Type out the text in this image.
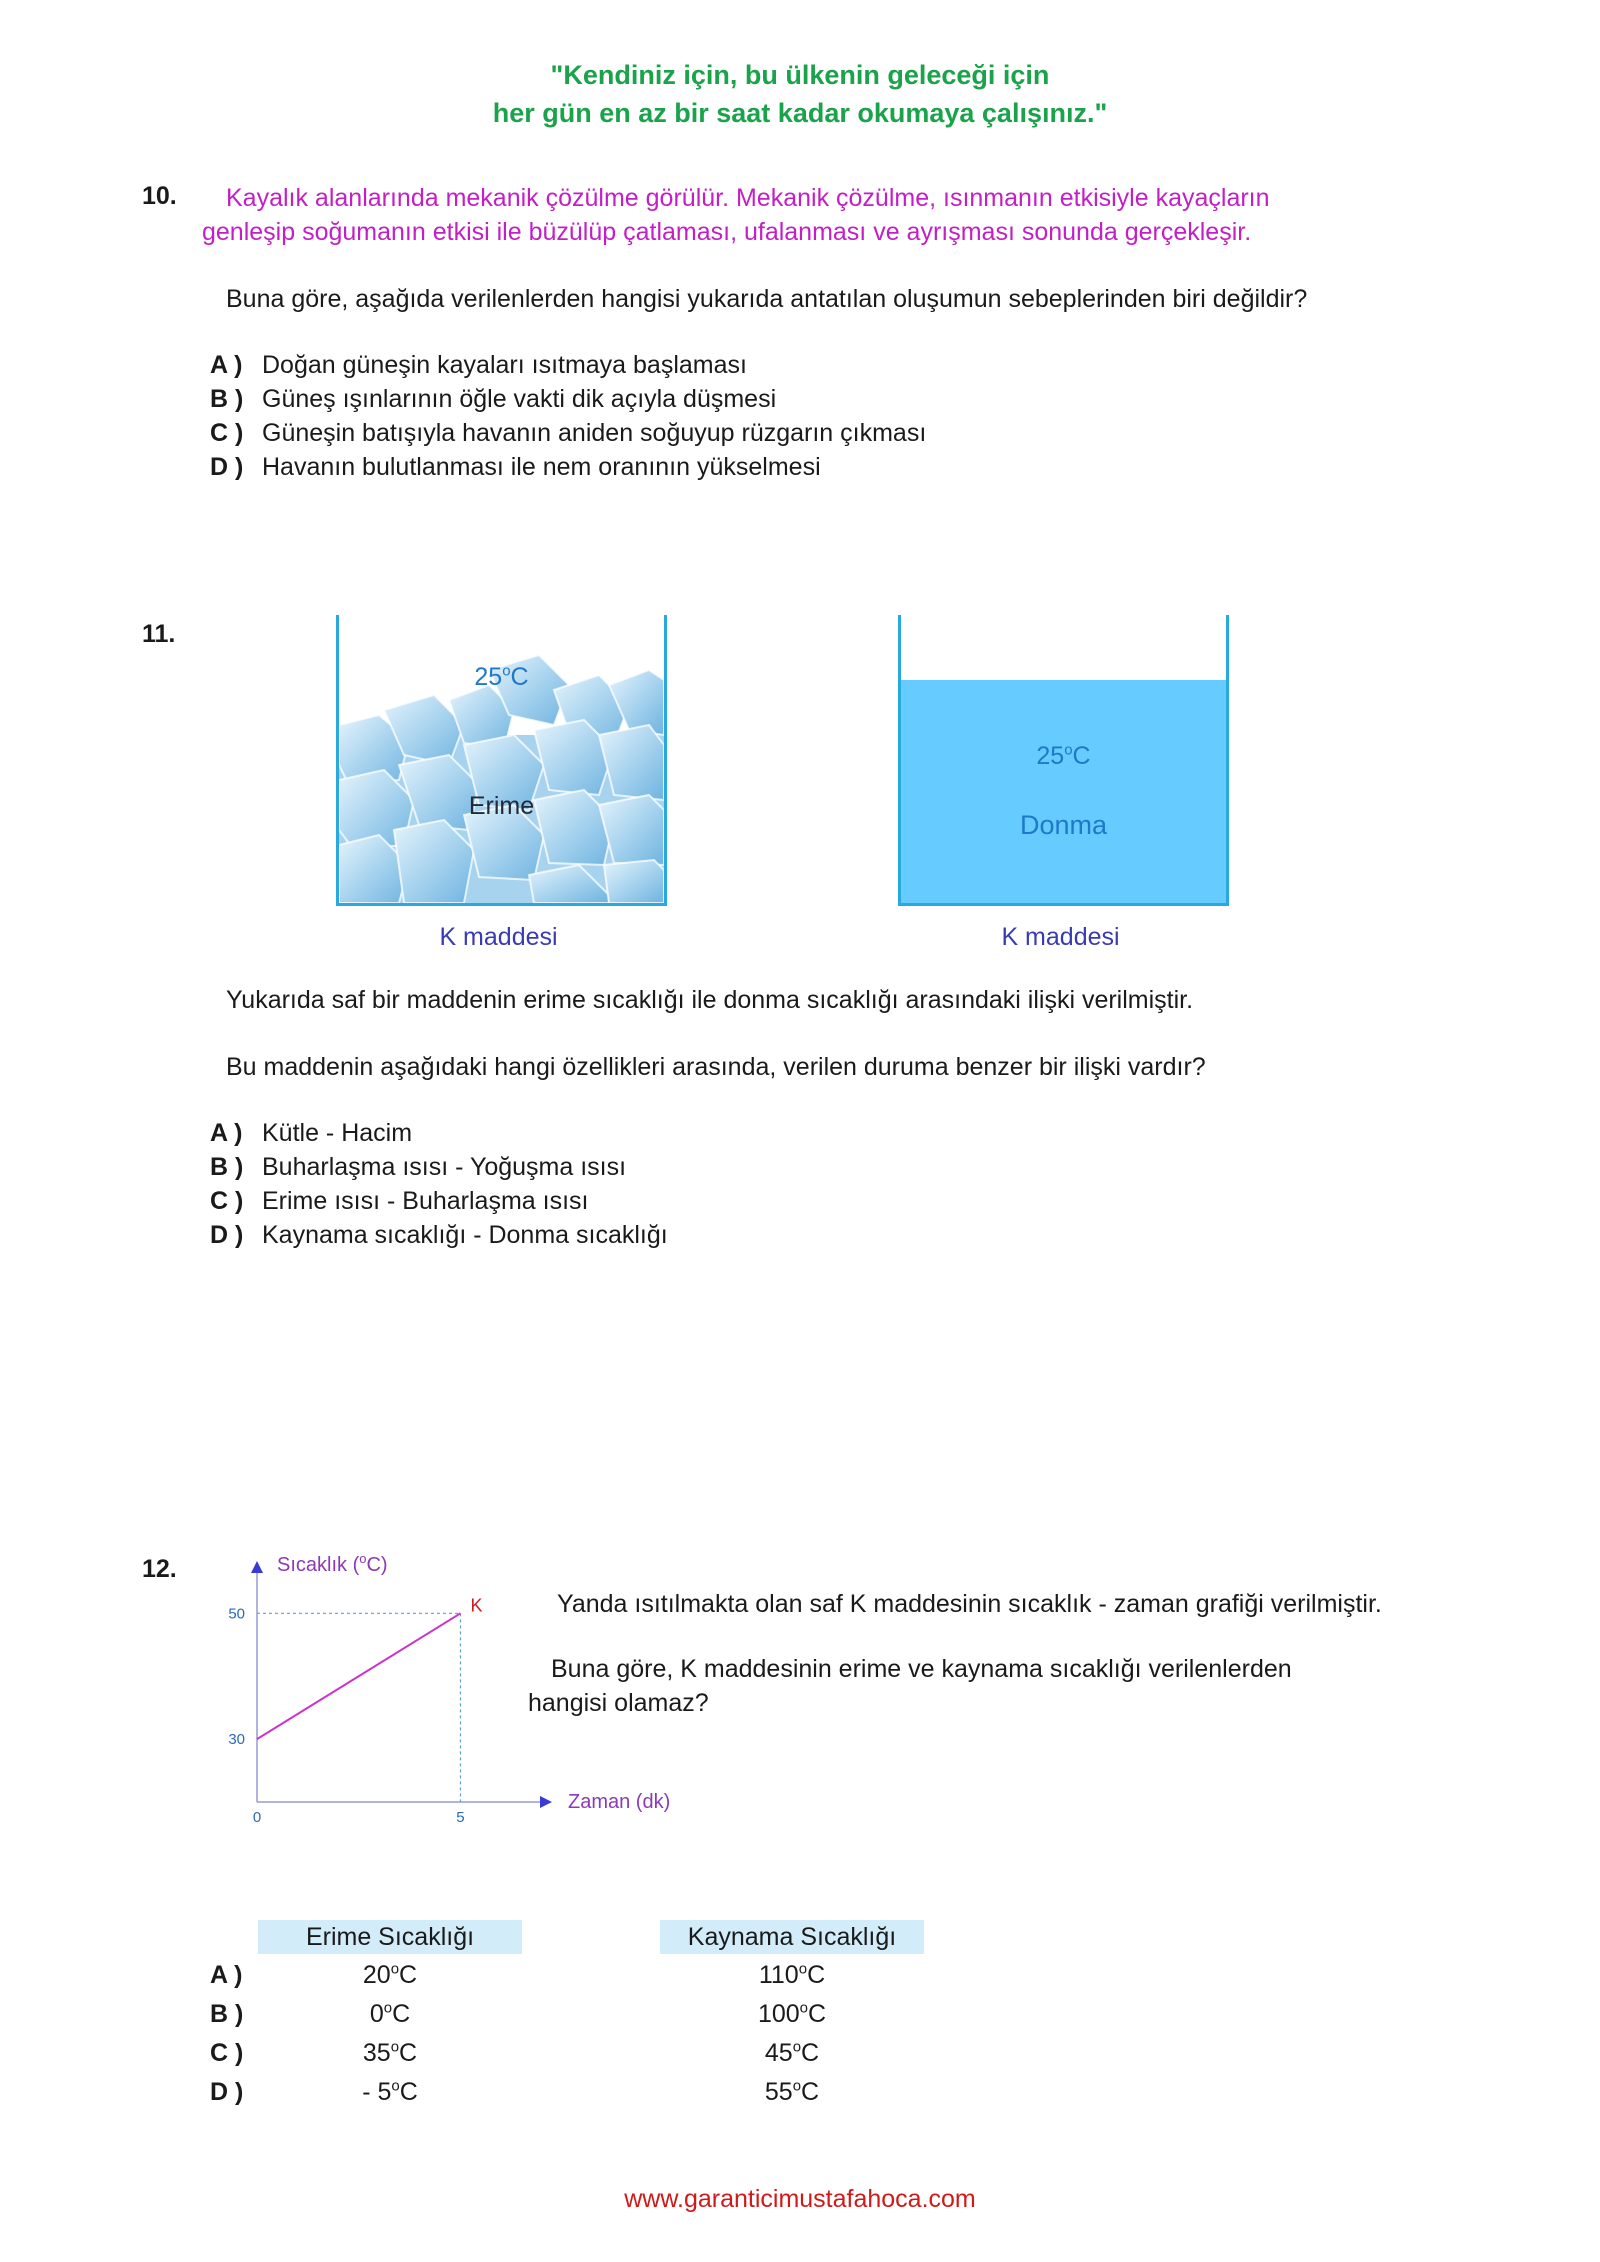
"Kendiniz için, bu ülkenin geleceği için
her gün en az bir saat kadar okumaya çalışınız."
10. Kayalık alanlarında mekanik çözülme görülür. Mekanik çözülme, ısınmanın etkisiyle kayaçların
genleşip soğumanın etkisi ile büzülüp çatlaması, ufalanması ve ayrışması sonunda gerçekleşir.
Buna göre, aşağıda verilenlerden hangisi yukarıda antatılan oluşumun sebeplerinden biri değildir?
A ) Doğan güneşin kayaları ısıtmaya başlaması
B ) Güneş ışınlarının öğle vakti dik açıyla düşmesi
C ) Güneşin batışıyla havanın aniden soğuyup rüzgarın çıkması
D ) Havanın bulutlanması ile nem oranının yükselmesi
11.
25$^o$C
Erime
K maddesi
25$^o$C
Donma
K maddesi
Yukarıda saf bir maddenin erime sıcaklığı ile donma sıcaklığı arasındaki ilişki verilmiştir.
Bu maddenin aşağıdaki hangi özellikleri arasında, verilen duruma benzer bir ilişki vardır?
A ) Kütle - Hacim
B ) Buharlaşma ısısı - Yoğuşma ısısı
C ) Erime ısısı - Buharlaşma ısısı
D ) Kaynama sıcaklığı - Donma sıcaklığı
12.	Sıcaklık ($^o$C)
Zaman (dk)
0	5
30
50	K	Yanda ısıtılmakta olan saf K maddesinin sıcaklık - zaman grafiği verilmiştir.
Buna göre, K maddesinin erime ve kaynama sıcaklığı verilenlerden
hangisi olamaz?
Erime Sıcaklığı	Kaynama Sıcaklığı
A )	20$^o$C	110$^o$C
B )	0$^o$C	100$^o$C
C )	35$^o$C	45$^o$C
D )	- 5$^o$C	55$^o$C
www.garanticimustafahoca.com
